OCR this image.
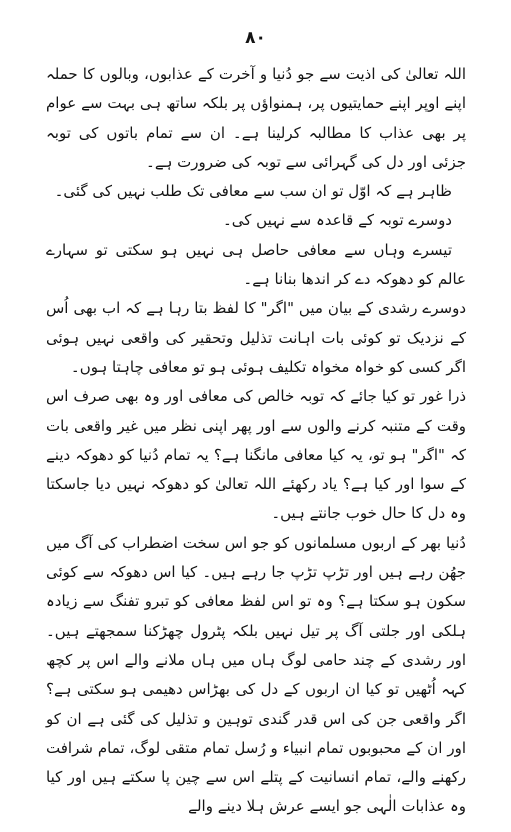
۸۰

اللہ تعالیٰ کی اذیت سے جو دُنیا و آخرت کے عذابوں، وبالوں کا حملہ اپنے اوپر اپنے حمایتیوں پر، ہمنواؤں پر بلکہ ساتھ ہی بہت سے عوام پر بھی عذاب کا مطالبہ کرلینا ہے۔ ان سے تمام باتوں کی توبہ جزئی اور دل کی گہرائی سے توبہ کی ضرورت ہے۔

ظاہر ہے کہ اوّل تو ان سب سے معافی تک طلب نہیں کی گئی۔

دوسرے توبہ کے قاعدہ سے نہیں کی۔

تیسرے وہاں سے معافی حاصل ہی نہیں ہو سکتی تو سہارے عالم کو دھوکہ دے کر اندھا بنانا ہے۔

دوسرے رشدی کے بیان میں "اگر" کا لفظ بتا رہا ہے کہ اب بھی اُس کے نزدیک تو کوئی بات اہانت تذلیل وتحقیر کی واقعی نہیں ہوئی اگر کسی کو خواہ مخواہ تکلیف ہوئی ہو تو معافی چاہتا ہوں۔

ذرا غور تو کیا جائے کہ توبہ خالص کی معافی اور وہ بھی صرف اس وقت کے متنبہ کرنے والوں سے اور پھر اپنی نظر میں غیر واقعی بات کہ "اگر" ہو تو، یہ کیا معافی مانگنا ہے؟ یہ تمام دُنیا کو دھوکہ دینے کے سوا اور کیا ہے؟ یاد رکھئے اللہ تعالیٰ کو دھوکہ نہیں دیا جاسکتا وہ دل کا حال خوب جانتے ہیں۔

دُنیا بھر کے اربوں مسلمانوں کو جو اس سخت اضطراب کی آگ میں جھُن رہے ہیں اور تڑپ تڑپ جا رہے ہیں۔ کیا اس دھوکہ سے کوئی سکون ہو سکتا ہے؟ وہ تو اس لفظ معافی کو تبرو تفنگ سے زیادہ ہلکی اور جلتی آگ پر تیل نہیں بلکہ پٹرول چھڑکنا سمجھتے ہیں۔ اور رشدی کے چند حامی لوگ ہاں میں ہاں ملانے والے اس پر کچھ کہہ اُٹھیں تو کیا ان اربوں کے دل کی بھڑاس دھیمی ہو سکتی ہے؟ اگر واقعی جن کی اس قدر گندی توہین و تذلیل کی گئی ہے ان کو اور ان کے محبوبوں تمام انبیاء و رُسل تمام متقی لوگ، تمام شرافت رکھنے والے، تمام انسانیت کے پتلے اس سے چین پا سکتے ہیں اور کیا وہ عذابات الٰہی جو ایسے عرش ہلا دینے والے
